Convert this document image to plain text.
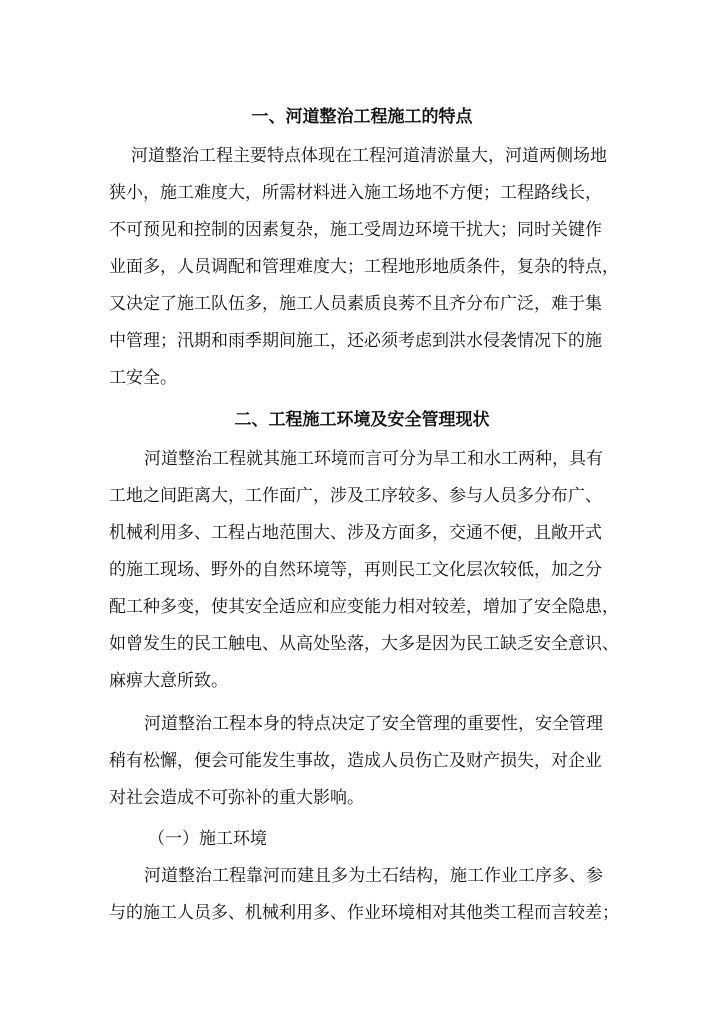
一、河道整治工程施工的特点
河道整治工程主要特点体现在工程河道清淤量大，河道两侧场地
狭小，施工难度大，所需材料进入施工场地不方便；工程路线长，
不可预见和控制的因素复杂，施工受周边环境干扰大；同时关键作
业面多，人员调配和管理难度大；工程地形地质条件，复杂的特点，
又决定了施工队伍多，施工人员素质良莠不且齐分布广泛，难于集
中管理；汛期和雨季期间施工，还必须考虑到洪水侵袭情况下的施
工安全。
二、工程施工环境及安全管理现状
河道整治工程就其施工环境而言可分为旱工和水工两种，具有
工地之间距离大，工作面广，涉及工序较多、参与人员多分布广、
机械利用多、工程占地范围大、涉及方面多，交通不便，且敞开式
的施工现场、野外的自然环境等，再则民工文化层次较低，加之分
配工种多变，使其安全适应和应变能力相对较差，增加了安全隐患，
如曾发生的民工触电、从高处坠落，大多是因为民工缺乏安全意识、
麻痹大意所致。
河道整治工程本身的特点决定了安全管理的重要性，安全管理
稍有松懈，便会可能发生事故，造成人员伤亡及财产损失，对企业
对社会造成不可弥补的重大影响。
（一）施工环境
河道整治工程靠河而建且多为土石结构，施工作业工序多、参
与的施工人员多、机械利用多、作业环境相对其他类工程而言较差；
